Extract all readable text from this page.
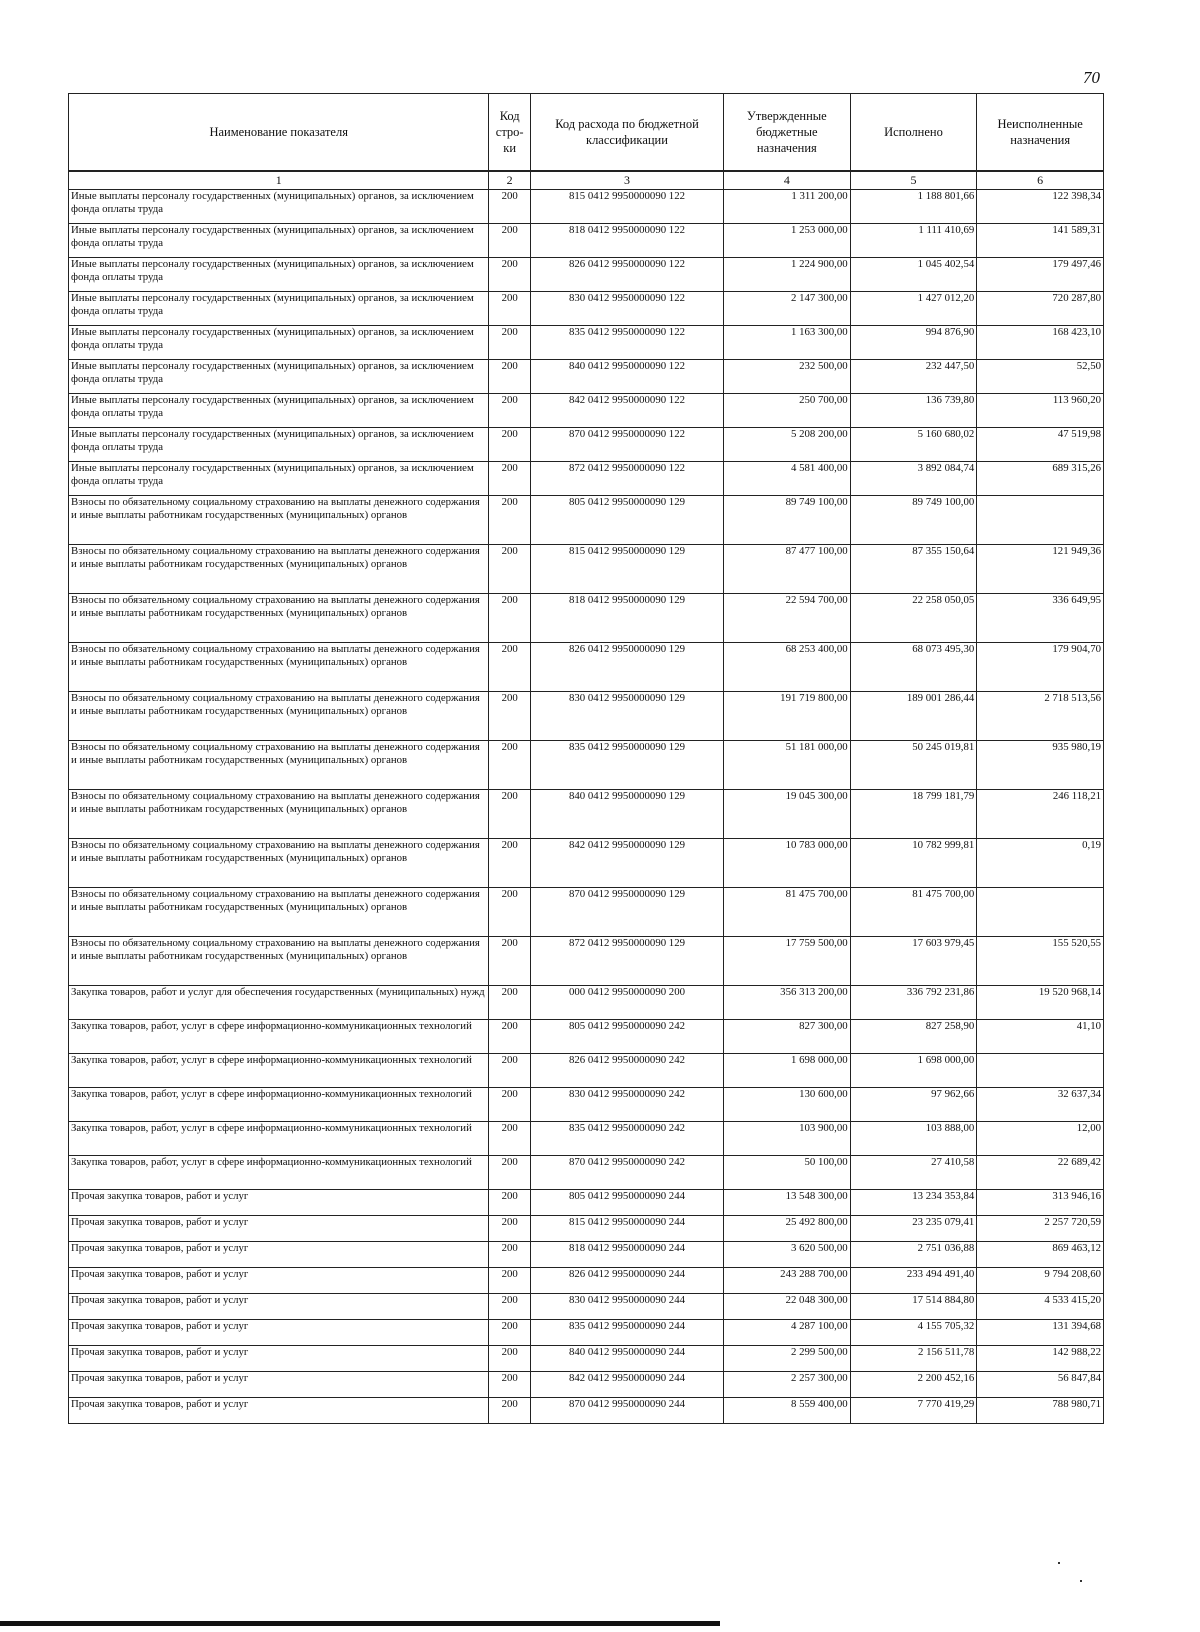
70
Наименование показателя	Код стро-ки	Код расхода по бюджетной классификации	Утвержденные бюджетные назначения	Исполнено	Неисполненные назначения
1	2	3	4	5	6
Иные выплаты персоналу государственных (муниципальных) органов, за исключением фонда оплаты труда	200	815 0412 9950000090 122	1 311 200,00	1 188 801,66	122 398,34
Иные выплаты персоналу государственных (муниципальных) органов, за исключением фонда оплаты труда	200	818 0412 9950000090 122	1 253 000,00	1 111 410,69	141 589,31
Иные выплаты персоналу государственных (муниципальных) органов, за исключением фонда оплаты труда	200	826 0412 9950000090 122	1 224 900,00	1 045 402,54	179 497,46
Иные выплаты персоналу государственных (муниципальных) органов, за исключением фонда оплаты труда	200	830 0412 9950000090 122	2 147 300,00	1 427 012,20	720 287,80
Иные выплаты персоналу государственных (муниципальных) органов, за исключением фонда оплаты труда	200	835 0412 9950000090 122	1 163 300,00	994 876,90	168 423,10
Иные выплаты персоналу государственных (муниципальных) органов, за исключением фонда оплаты труда	200	840 0412 9950000090 122	232 500,00	232 447,50	52,50
Иные выплаты персоналу государственных (муниципальных) органов, за исключением фонда оплаты труда	200	842 0412 9950000090 122	250 700,00	136 739,80	113 960,20
Иные выплаты персоналу государственных (муниципальных) органов, за исключением фонда оплаты труда	200	870 0412 9950000090 122	5 208 200,00	5 160 680,02	47 519,98
Иные выплаты персоналу государственных (муниципальных) органов, за исключением фонда оплаты труда	200	872 0412 9950000090 122	4 581 400,00	3 892 084,74	689 315,26
Взносы по обязательному социальному страхованию на выплаты денежного содержания и иные выплаты работникам государственных (муниципальных) органов	200	805 0412 9950000090 129	89 749 100,00	89 749 100,00	
Взносы по обязательному социальному страхованию на выплаты денежного содержания и иные выплаты работникам государственных (муниципальных) органов	200	815 0412 9950000090 129	87 477 100,00	87 355 150,64	121 949,36
Взносы по обязательному социальному страхованию на выплаты денежного содержания и иные выплаты работникам государственных (муниципальных) органов	200	818 0412 9950000090 129	22 594 700,00	22 258 050,05	336 649,95
Взносы по обязательному социальному страхованию на выплаты денежного содержания и иные выплаты работникам государственных (муниципальных) органов	200	826 0412 9950000090 129	68 253 400,00	68 073 495,30	179 904,70
Взносы по обязательному социальному страхованию на выплаты денежного содержания и иные выплаты работникам государственных (муниципальных) органов	200	830 0412 9950000090 129	191 719 800,00	189 001 286,44	2 718 513,56
Взносы по обязательному социальному страхованию на выплаты денежного содержания и иные выплаты работникам государственных (муниципальных) органов	200	835 0412 9950000090 129	51 181 000,00	50 245 019,81	935 980,19
Взносы по обязательному социальному страхованию на выплаты денежного содержания и иные выплаты работникам государственных (муниципальных) органов	200	840 0412 9950000090 129	19 045 300,00	18 799 181,79	246 118,21
Взносы по обязательному социальному страхованию на выплаты денежного содержания и иные выплаты работникам государственных (муниципальных) органов	200	842 0412 9950000090 129	10 783 000,00	10 782 999,81	0,19
Взносы по обязательному социальному страхованию на выплаты денежного содержания и иные выплаты работникам государственных (муниципальных) органов	200	870 0412 9950000090 129	81 475 700,00	81 475 700,00	
Взносы по обязательному социальному страхованию на выплаты денежного содержания и иные выплаты работникам государственных (муниципальных) органов	200	872 0412 9950000090 129	17 759 500,00	17 603 979,45	155 520,55
Закупка товаров, работ и услуг для обеспечения государственных (муниципальных) нужд	200	000 0412 9950000090 200	356 313 200,00	336 792 231,86	19 520 968,14
Закупка товаров, работ, услуг в сфере информационно-коммуникационных технологий	200	805 0412 9950000090 242	827 300,00	827 258,90	41,10
Закупка товаров, работ, услуг в сфере информационно-коммуникационных технологий	200	826 0412 9950000090 242	1 698 000,00	1 698 000,00	
Закупка товаров, работ, услуг в сфере информационно-коммуникационных технологий	200	830 0412 9950000090 242	130 600,00	97 962,66	32 637,34
Закупка товаров, работ, услуг в сфере информационно-коммуникационных технологий	200	835 0412 9950000090 242	103 900,00	103 888,00	12,00
Закупка товаров, работ, услуг в сфере информационно-коммуникационных технологий	200	870 0412 9950000090 242	50 100,00	27 410,58	22 689,42
Прочая закупка товаров, работ и услуг	200	805 0412 9950000090 244	13 548 300,00	13 234 353,84	313 946,16
Прочая закупка товаров, работ и услуг	200	815 0412 9950000090 244	25 492 800,00	23 235 079,41	2 257 720,59
Прочая закупка товаров, работ и услуг	200	818 0412 9950000090 244	3 620 500,00	2 751 036,88	869 463,12
Прочая закупка товаров, работ и услуг	200	826 0412 9950000090 244	243 288 700,00	233 494 491,40	9 794 208,60
Прочая закупка товаров, работ и услуг	200	830 0412 9950000090 244	22 048 300,00	17 514 884,80	4 533 415,20
Прочая закупка товаров, работ и услуг	200	835 0412 9950000090 244	4 287 100,00	4 155 705,32	131 394,68
Прочая закупка товаров, работ и услуг	200	840 0412 9950000090 244	2 299 500,00	2 156 511,78	142 988,22
Прочая закупка товаров, работ и услуг	200	842 0412 9950000090 244	2 257 300,00	2 200 452,16	56 847,84
Прочая закупка товаров, работ и услуг	200	870 0412 9950000090 244	8 559 400,00	7 770 419,29	788 980,71
